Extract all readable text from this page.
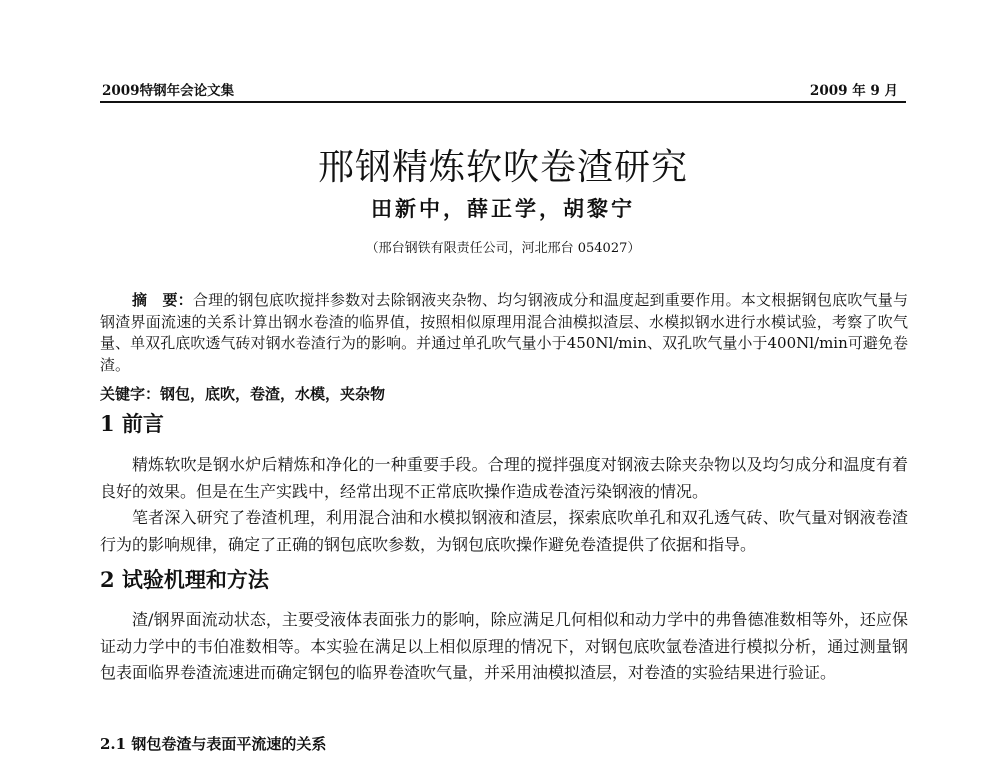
2009特钢年会论文集	2009 年 9 月
邢钢精炼软吹卷渣研究
田新中，薛正学，胡黎宁
（邢台钢铁有限责任公司，河北邢台 054027）
摘　要：合理的钢包底吹搅拌参数对去除钢液夹杂物、均匀钢液成分和温度起到重要作用。本文根据钢包底吹气量与钢渣界面流速的关系计算出钢水卷渣的临界值，按照相似原理用混合油模拟渣层、水模拟钢水进行水模试验，考察了吹气量、单双孔底吹透气砖对钢水卷渣行为的影响。并通过单孔吹气量小于450Nl/min、双孔吹气量小于400Nl/min可避免卷渣。
关键字：钢包，底吹，卷渣，水模，夹杂物
1 前言

精炼软吹是钢水炉后精炼和净化的一种重要手段。合理的搅拌强度对钢液去除夹杂物以及均匀成分和温度有着良好的效果。但是在生产实践中，经常出现不正常底吹操作造成卷渣污染钢液的情况。

笔者深入研究了卷渣机理，利用混合油和水模拟钢液和渣层，探索底吹单孔和双孔透气砖、吹气量对钢液卷渣行为的影响规律，确定了正确的钢包底吹参数，为钢包底吹操作避免卷渣提供了依据和指导。

2 试验机理和方法

渣/钢界面流动状态，主要受液体表面张力的影响，除应满足几何相似和动力学中的弗鲁德准数相等外，还应保证动力学中的韦伯准数相等。本实验在满足以上相似原理的情况下，对钢包底吹氩卷渣进行模拟分析，通过测量钢包表面临界卷渣流速进而确定钢包的临界卷渣吹气量，并采用油模拟渣层，对卷渣的实验结果进行验证。

2.1 钢包卷渣与表面平流速的关系
